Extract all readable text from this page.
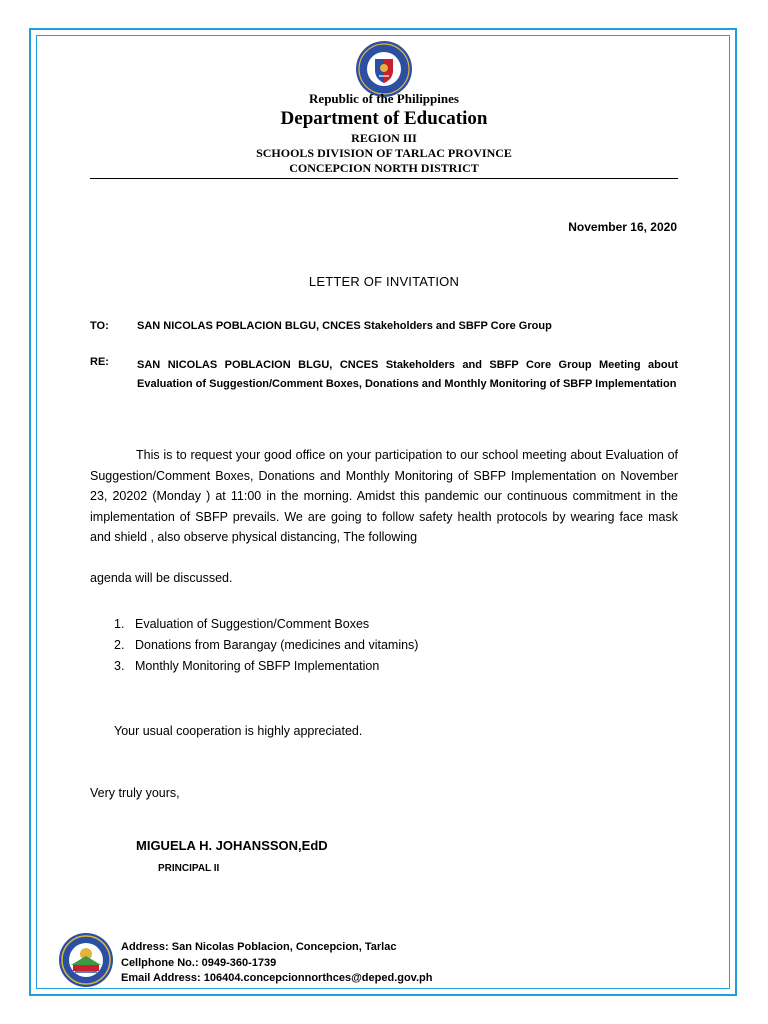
Republic of the Philippines
Department of Education
REGION III
SCHOOLS DIVISION OF TARLAC PROVINCE
CONCEPCION NORTH DISTRICT
November 16, 2020
LETTER OF INVITATION
TO:	SAN NICOLAS POBLACION BLGU, CNCES Stakeholders and SBFP Core Group
RE:	SAN NICOLAS POBLACION BLGU, CNCES Stakeholders and SBFP Core Group Meeting about Evaluation of Suggestion/Comment Boxes, Donations and Monthly Monitoring of SBFP Implementation
This is to request your good office on your participation to our school meeting about Evaluation of Suggestion/Comment Boxes, Donations and Monthly Monitoring of SBFP Implementation on November 23, 20202 (Monday ) at 11:00 in the morning. Amidst this pandemic our continuous commitment in the implementation of SBFP prevails. We are going to follow safety health protocols by wearing face mask and shield , also observe physical distancing, The following
agenda will be discussed.
1. Evaluation of Suggestion/Comment Boxes
2. Donations from Barangay (medicines and vitamins)
3. Monthly Monitoring of SBFP Implementation
Your usual cooperation is highly appreciated.
Very truly yours,
MIGUELA H. JOHANSSON,EdD
PRINCIPAL II
Address: San Nicolas Poblacion, Concepcion, Tarlac
Cellphone No.: 0949-360-1739
Email Address: 106404.concepcionnorthces@deped.gov.ph
